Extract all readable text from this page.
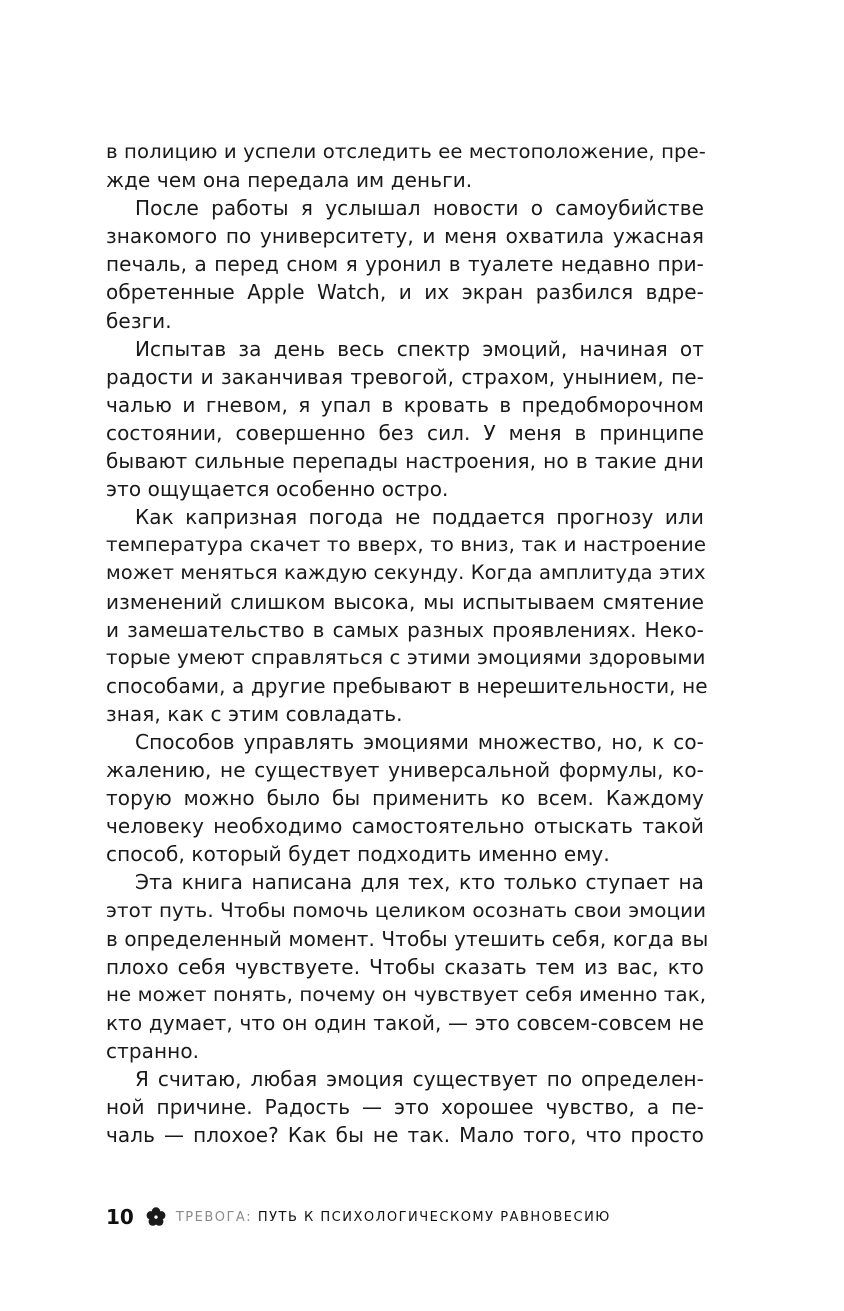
в полицию и успели отследить ее местоположение, пре-
жде чем она передала им деньги.
После работы я услышал новости о самоубийстве
знакомого по университету, и меня охватила ужасная
печаль, а перед сном я уронил в туалете недавно при-
обретенные Apple Watch, и их экран разбился вдре-
безги.
Испытав за день весь спектр эмоций, начиная от
радости и заканчивая тревогой, страхом, унынием, пе-
чалью и гневом, я упал в кровать в предобморочном
состоянии, совершенно без сил. У меня в принципе
бывают сильные перепады настроения, но в такие дни
это ощущается особенно остро.
Как капризная погода не поддается прогнозу или
температура скачет то вверх, то вниз, так и настроение
может меняться каждую секунду. Когда амплитуда этих
изменений слишком высока, мы испытываем смятение
и замешательство в самых разных проявлениях. Неко-
торые умеют справляться с этими эмоциями здоровыми
способами, а другие пребывают в нерешительности, не
зная, как с этим совладать.
Способов управлять эмоциями множество, но, к со-
жалению, не существует универсальной формулы, ко-
торую можно было бы применить ко всем. Каждому
человеку необходимо самостоятельно отыскать такой
способ, который будет подходить именно ему.
Эта книга написана для тех, кто только ступает на
этот путь. Чтобы помочь целиком осознать свои эмоции
в определенный момент. Чтобы утешить себя, когда вы
плохо себя чувствуете. Чтобы сказать тем из вас, кто
не может понять, почему он чувствует себя именно так,
кто думает, что он один такой, — это совсем-совсем не
странно.
Я считаю, любая эмоция существует по определен-
ной причине. Радость — это хорошее чувство, а пе-
чаль — плохое? Как бы не так. Мало того, что просто
10	ТРЕВОГА: ПУТЬ К ПСИХОЛОГИЧЕСКОМУ РАВНОВЕСИЮ
